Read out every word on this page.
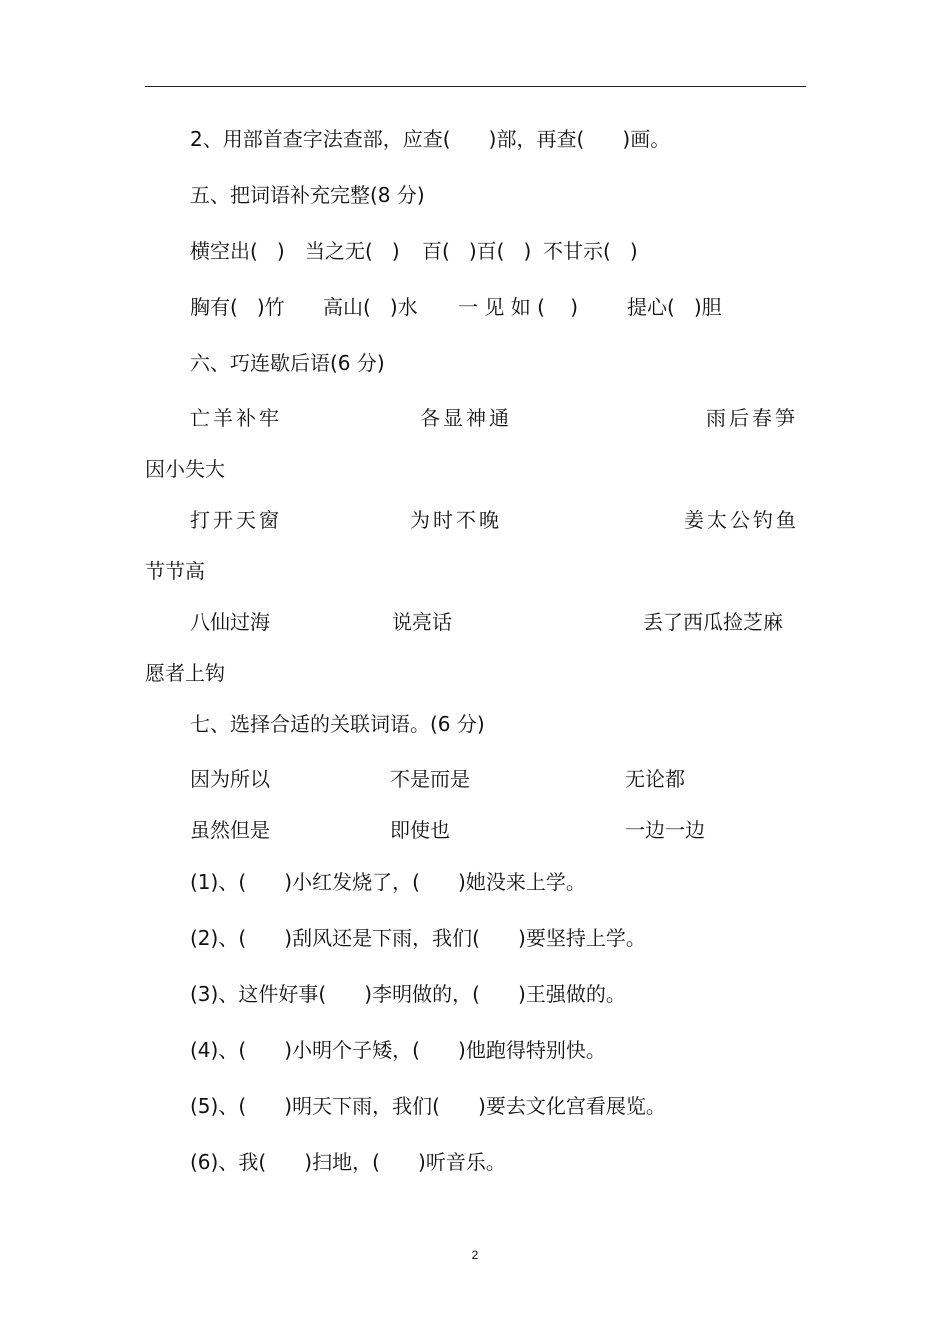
2、用部首查字法查部，应查(      )部，再查(      )画。

五、把词语补充完整(8 分)

横空出(   )

当之无(   )

百(   )百(   )

不甘示(   )

胸有(   )竹

高山(   )水

一 见 如 (    )

提心(   )胆

六、巧连歇后语(6 分)

亡羊补牢

	各显神通

	雨后春笋

因小失大

打开天窗

	为时不晚

	姜太公钓鱼

节节高

八仙过海

	说亮话

	丢了西瓜捡芝麻

愿者上钩

七、选择合适的关联词语。(6 分)

因为所以

	不是而是

	无论都

虽然但是

	即使也

	一边一边

(1)、(      )小红发烧了，(      )她没来上学。

(2)、(      )刮风还是下雨，我们(      )要坚持上学。

(3)、这件好事(      )李明做的，(      )王强做的。

(4)、(      )小明个子矮，(      )他跑得特别快。

(5)、(      )明天下雨，我们(      )要去文化宫看展览。

(6)、我(      )扫地，(      )听音乐。

2
